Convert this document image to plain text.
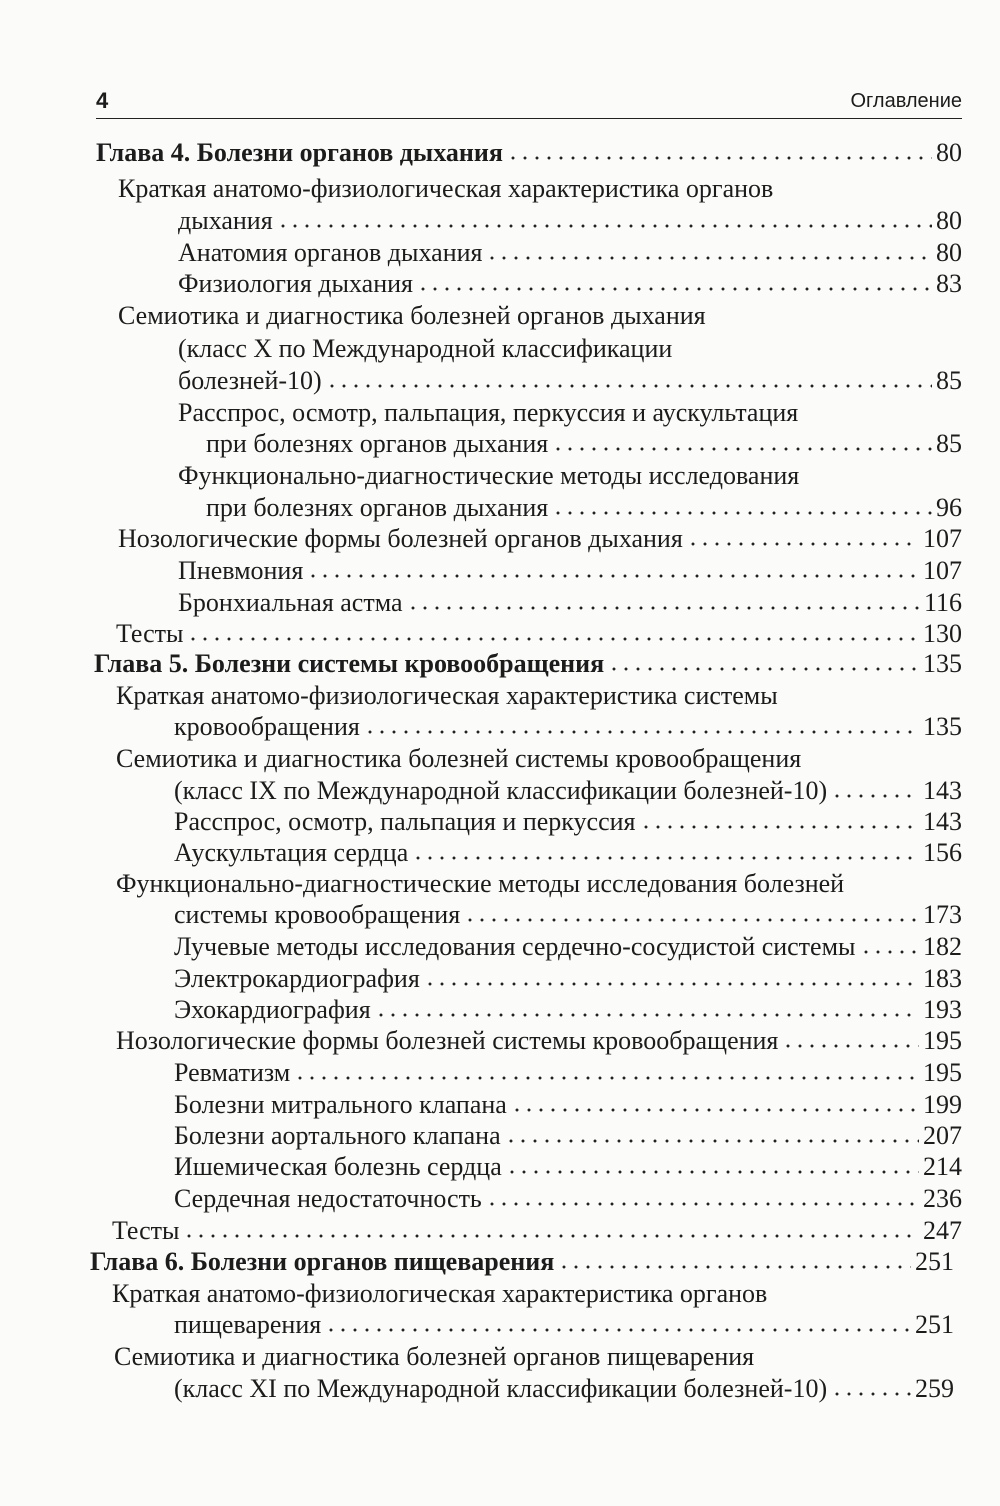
4	Оглавление
Глава 4. Болезни органов дыхания	80
Краткая анатомо-физиологическая характеристика органов
дыхания	80
Анатомия органов дыхания	80
Физиология дыхания	83
Семиотика и диагностика болезней органов дыхания
(класс X по Международной классификации
болезней-10)	85
Расспрос, осмотр, пальпация, перкуссия и аускультация
при болезнях органов дыхания	85
Функционально-диагностические методы исследования
при болезнях органов дыхания	96
Нозологические формы болезней органов дыхания	107
Пневмония	107
Бронхиальная астма	116
Тесты	130
Глава 5. Болезни системы кровообращения	135
Краткая анатомо-физиологическая характеристика системы
кровообращения	135
Семиотика и диагностика болезней системы кровообращения
(класс IX по Международной классификации болезней-10)	143
Расспрос, осмотр, пальпация и перкуссия	143
Аускультация сердца	156
Функционально-диагностические методы исследования болезней
системы кровообращения	173
Лучевые методы исследования сердечно-сосудистой системы	182
Электрокардиография	183
Эхокардиография	193
Нозологические формы болезней системы кровообращения	195
Ревматизм	195
Болезни митрального клапана	199
Болезни аортального клапана	207
Ишемическая болезнь сердца	214
Сердечная недостаточность	236
Тесты	247
Глава 6. Болезни органов пищеварения	251
Краткая анатомо-физиологическая характеристика органов
пищеварения	251
Семиотика и диагностика болезней органов пищеварения
(класс XI по Международной классификации болезней-10)	259
